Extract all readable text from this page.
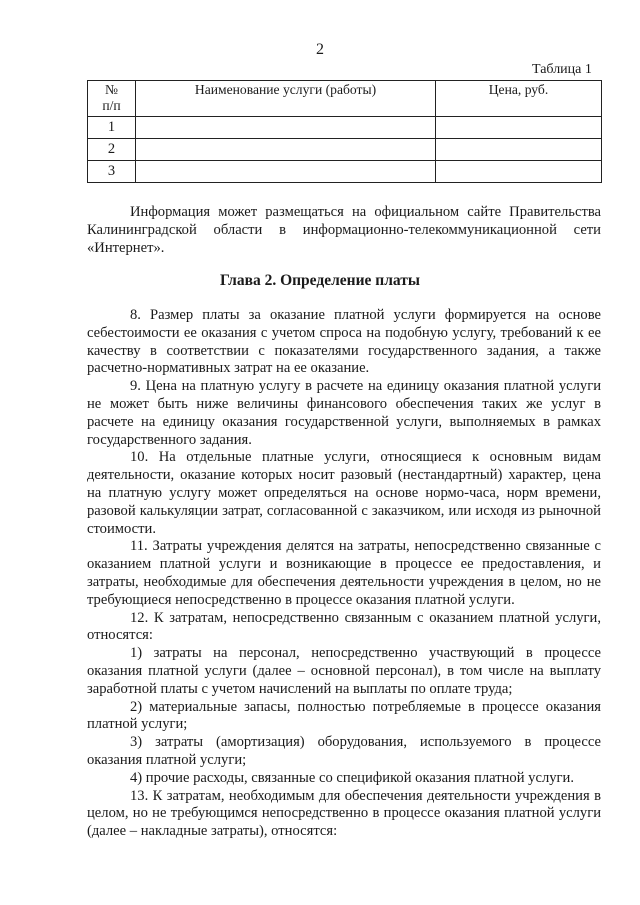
2
Таблица 1
№
п/п	Наименование услуги (работы)	Цена, руб.
1		
2		
3		

Информация может размещаться на официальном сайте Правительства Калининградской области в информационно-телекоммуникационной сети «Интернет».

Глава 2. Определение платы

8. Размер платы за оказание платной услуги формируется на основе себестоимости ее оказания с учетом спроса на подобную услугу, требований к ее качеству в соответствии с показателями государственного задания, а также расчетно-нормативных затрат на ее оказание.

9. Цена на платную услугу в расчете на единицу оказания платной услуги не может быть ниже величины финансового обеспечения таких же услуг в расчете на единицу оказания государственной услуги, выполняемых в рамках государственного задания.

10. На отдельные платные услуги, относящиеся к основным видам деятельности, оказание которых носит разовый (нестандартный) характер, цена на платную услугу может определяться на основе нормо-часа, норм времени, разовой калькуляции затрат, согласованной с заказчиком, или исходя из рыночной стоимости.

11. Затраты учреждения делятся на затраты, непосредственно связанные с оказанием платной услуги и возникающие в процессе ее предоставления, и затраты, необходимые для обеспечения деятельности учреждения в целом, но не требующиеся непосредственно в процессе оказания платной услуги.

12. К затратам, непосредственно связанным с оказанием платной услуги, относятся:

1) затраты на персонал, непосредственно участвующий в процессе оказания платной услуги (далее – основной персонал), в том числе на выплату заработной платы с учетом начислений на выплаты по оплате труда;

2) материальные запасы, полностью потребляемые в процессе оказания платной услуги;

3) затраты (амортизация) оборудования, используемого в процессе оказания платной услуги;

4) прочие расходы, связанные со спецификой оказания платной услуги.

13. К затратам, необходимым для обеспечения деятельности учреждения в целом, но не требующимся непосредственно в процессе оказания платной услуги (далее – накладные затраты), относятся:
